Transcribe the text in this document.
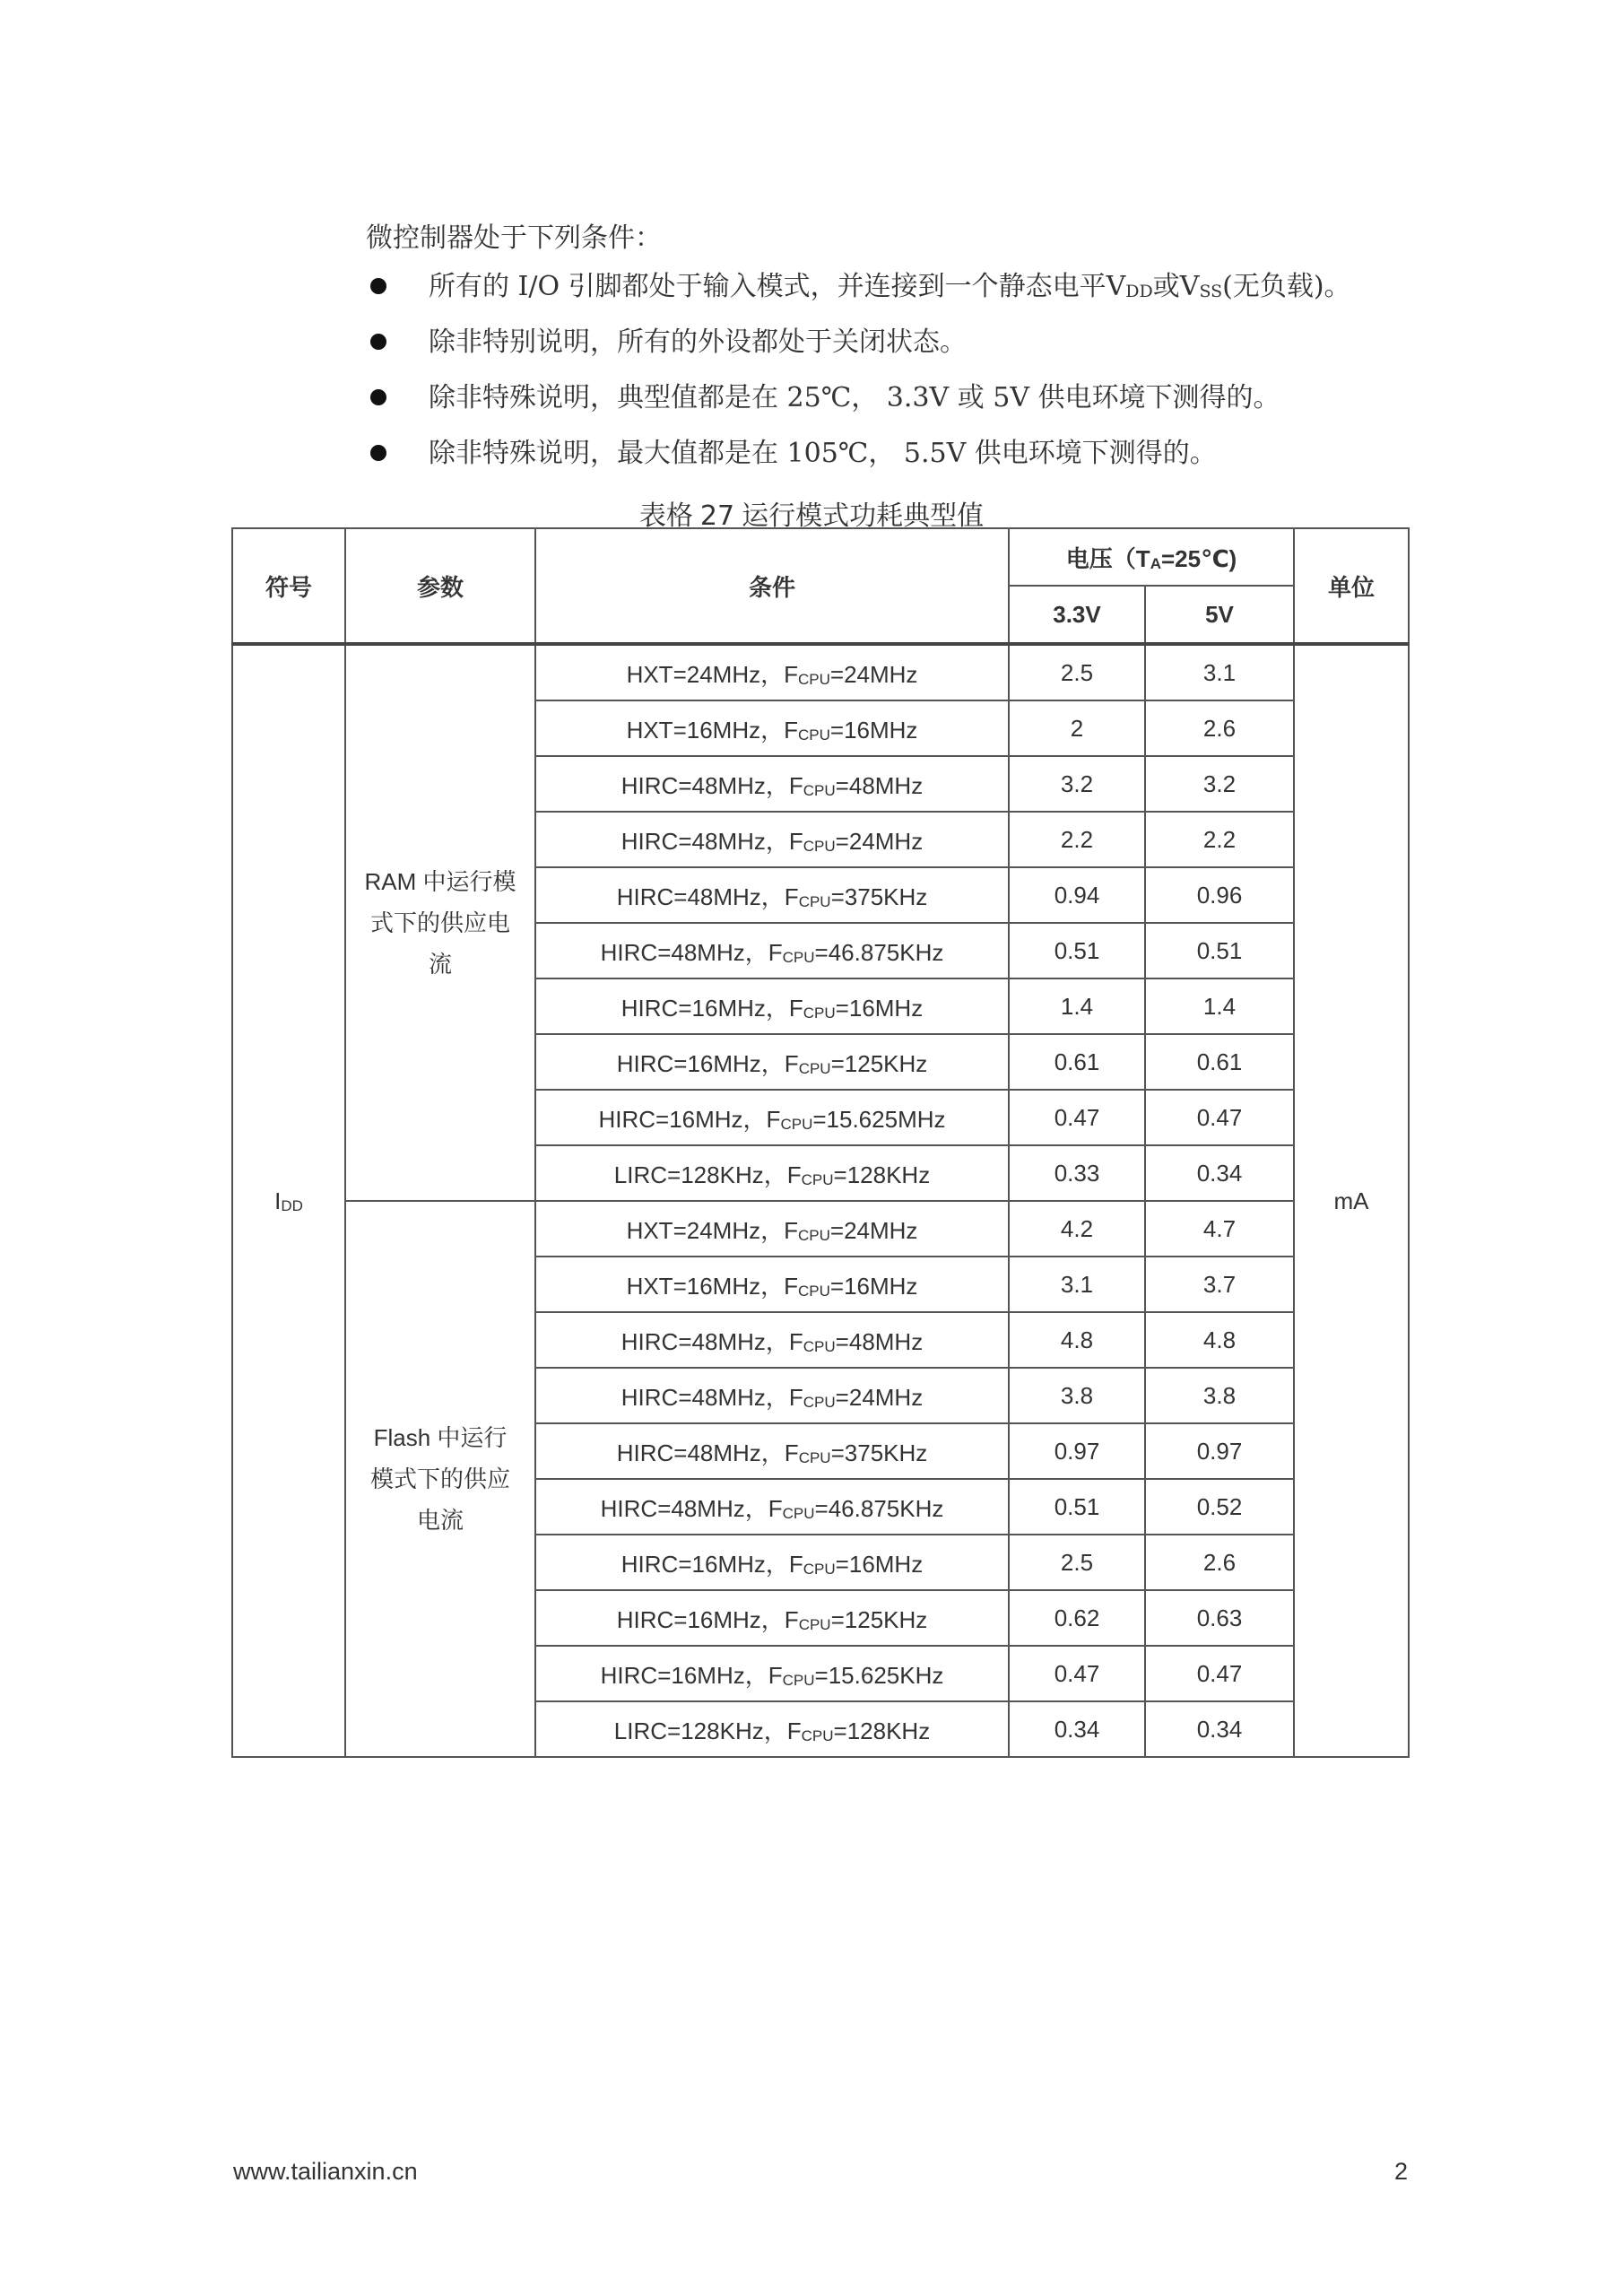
微控制器处于下列条件：
所有的 I/O 引脚都处于输入模式，并连接到一个静态电平$V_{DD}$或$V_{SS}$(无负载)。
除非特别说明，所有的外设都处于关闭状态。
除非特殊说明，典型值都是在 25℃， 3.3V 或 5V 供电环境下测得的。
除非特殊说明，最大值都是在 105℃， 5.5V 供电环境下测得的。
表格 27 运行模式功耗典型值
符号	参数	条件	电压$(T_A=25℃)$		单位
			3.3V	5V	
$I_{DD}$	RAM 中运行模式下的供应电流	HXT=24MHz，$F_{CPU}=24MHz$	2.5	3.1	mA
		HXT=16MHz，$F_{CPU}=16MHz$	2	2.6	
		HIRC=48MHz，$F_{CPU}=48MHz$	3.2	3.2	
		HIRC=48MHz，$F_{CPU}=24MHz$	2.2	2.2	
		HIRC=48MHz，$F_{CPU}=375KHz$	0.94	0.96	
		HIRC=48MHz，$F_{CPU}=46.875KHz$	0.51	0.51	
		HIRC=16MHz，$F_{CPU}=16MHz$	1.4	1.4	
		HIRC=16MHz，$F_{CPU}=125KHz$	0.61	0.61	
		HIRC=16MHz，$F_{CPU}=15.625MHz$	0.47	0.47	
		LIRC=128KHz，$F_{CPU}=128KHz$	0.33	0.34	
	Flash 中运行模式下的供应电流	HXT=24MHz，$F_{CPU}=24MHz$	4.2	4.7	
		HXT=16MHz，$F_{CPU}=16MHz$	3.1	3.7	
		HIRC=48MHz，$F_{CPU}=48MHz$	4.8	4.8	
		HIRC=48MHz，$F_{CPU}=24MHz$	3.8	3.8	
		HIRC=48MHz，$F_{CPU}=375KHz$	0.97	0.97	
		HIRC=48MHz，$F_{CPU}=46.875KHz$	0.51	0.52	
		HIRC=16MHz，$F_{CPU}=16MHz$	2.5	2.6	
		HIRC=16MHz，$F_{CPU}=125KHz$	0.62	0.63	
		HIRC=16MHz，$F_{CPU}=15.625KHz$	0.47	0.47	
		LIRC=128KHz，$F_{CPU}=128KHz$	0.34	0.34	
www.tailianxin.cn	2
